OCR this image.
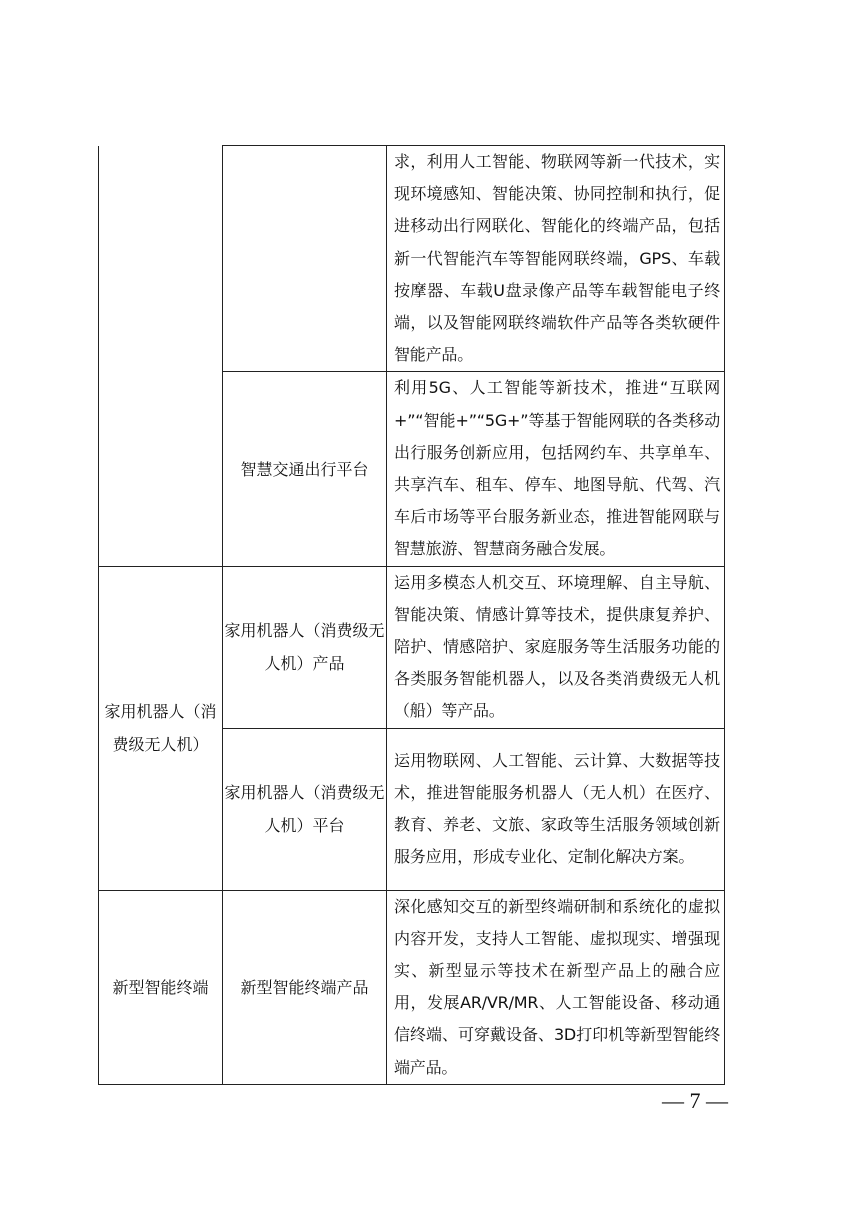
		求，利用人工智能、物联网等新一代技术，实现环境感知、智能决策、协同控制和执行，促进移动出行网联化、智能化的终端产品，包括新一代智能汽车等智能网联终端，GPS、车载按摩器、车载U盘录像产品等车载智能电子终端，以及智能网联终端软件产品等各类软硬件智能产品。
	智慧交通出行平台	利用5G、人工智能等新技术，推进“互联网+”“智能+”“5G+”等基于智能网联的各类移动出行服务创新应用，包括网约车、共享单车、共享汽车、租车、停车、地图导航、代驾、汽车后市场等平台服务新业态，推进智能网联与智慧旅游、智慧商务融合发展。

家用机器人（消费级无人机）	家用机器人（消费级无人机）产品	运用多模态人机交互、环境理解、自主导航、智能决策、情感计算等技术，提供康复养护、陪护、情感陪护、家庭服务等生活服务功能的各类服务智能机器人，以及各类消费级无人机（船）等产品。
	家用机器人（消费级无人机）平台	运用物联网、人工智能、云计算、大数据等技术，推进智能服务机器人（无人机）在医疗、教育、养老、文旅、家政等生活服务领域创新服务应用，形成专业化、定制化解决方案。
新型智能终端	新型智能终端产品	深化感知交互的新型终端研制和系统化的虚拟内容开发，支持人工智能、虚拟现实、增强现实、新型显示等技术在新型产品上的融合应用，发展AR/VR/MR、人工智能设备、移动通信终端、可穿戴设备、3D打印机等新型智能终端产品。
— 7 —
